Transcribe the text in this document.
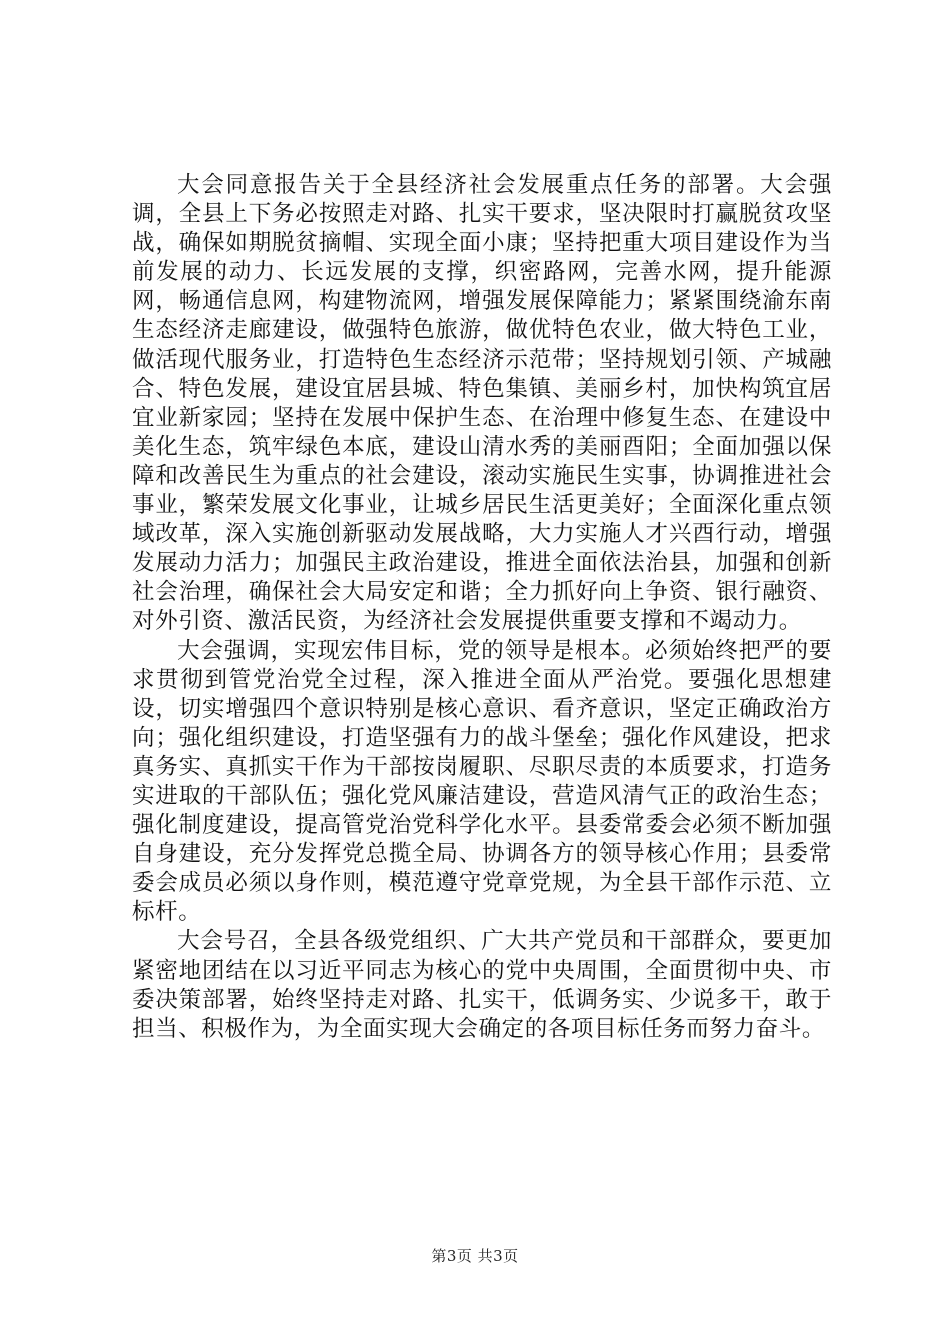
大会同意报告关于全县经济社会发展重点任务的部署。大会强调，全县上下务必按照走对路、扎实干要求，坚决限时打赢脱贫攻坚战，确保如期脱贫摘帽、实现全面小康；坚持把重大项目建设作为当前发展的动力、长远发展的支撑，织密路网，完善水网，提升能源网，畅通信息网，构建物流网，增强发展保障能力；紧紧围绕渝东南生态经济走廊建设，做强特色旅游，做优特色农业，做大特色工业，做活现代服务业，打造特色生态经济示范带；坚持规划引领、产城融合、特色发展，建设宜居县城、特色集镇、美丽乡村，加快构筑宜居宜业新家园；坚持在发展中保护生态、在治理中修复生态、在建设中美化生态，筑牢绿色本底，建设山清水秀的美丽酉阳；全面加强以保障和改善民生为重点的社会建设，滚动实施民生实事，协调推进社会事业，繁荣发展文化事业，让城乡居民生活更美好；全面深化重点领域改革，深入实施创新驱动发展战略，大力实施人才兴酉行动，增强发展动力活力；加强民主政治建设，推进全面依法治县，加强和创新社会治理，确保社会大局安定和谐；全力抓好向上争资、银行融资、对外引资、激活民资，为经济社会发展提供重要支撑和不竭动力。

大会强调，实现宏伟目标，党的领导是根本。必须始终把严的要求贯彻到管党治党全过程，深入推进全面从严治党。要强化思想建设，切实增强四个意识特别是核心意识、看齐意识，坚定正确政治方向；强化组织建设，打造坚强有力的战斗堡垒；强化作风建设，把求真务实、真抓实干作为干部按岗履职、尽职尽责的本质要求，打造务实进取的干部队伍；强化党风廉洁建设，营造风清气正的政治生态；强化制度建设，提高管党治党科学化水平。县委常委会必须不断加强自身建设，充分发挥党总揽全局、协调各方的领导核心作用；县委常委会成员必须以身作则，模范遵守党章党规，为全县干部作示范、立标杆。

大会号召，全县各级党组织、广大共产党员和干部群众，要更加紧密地团结在以习近平同志为核心的党中央周围，全面贯彻中央、市委决策部署，始终坚持走对路、扎实干，低调务实、少说多干，敢于担当、积极作为，为全面实现大会确定的各项目标任务而努力奋斗。

第3页 共3页
